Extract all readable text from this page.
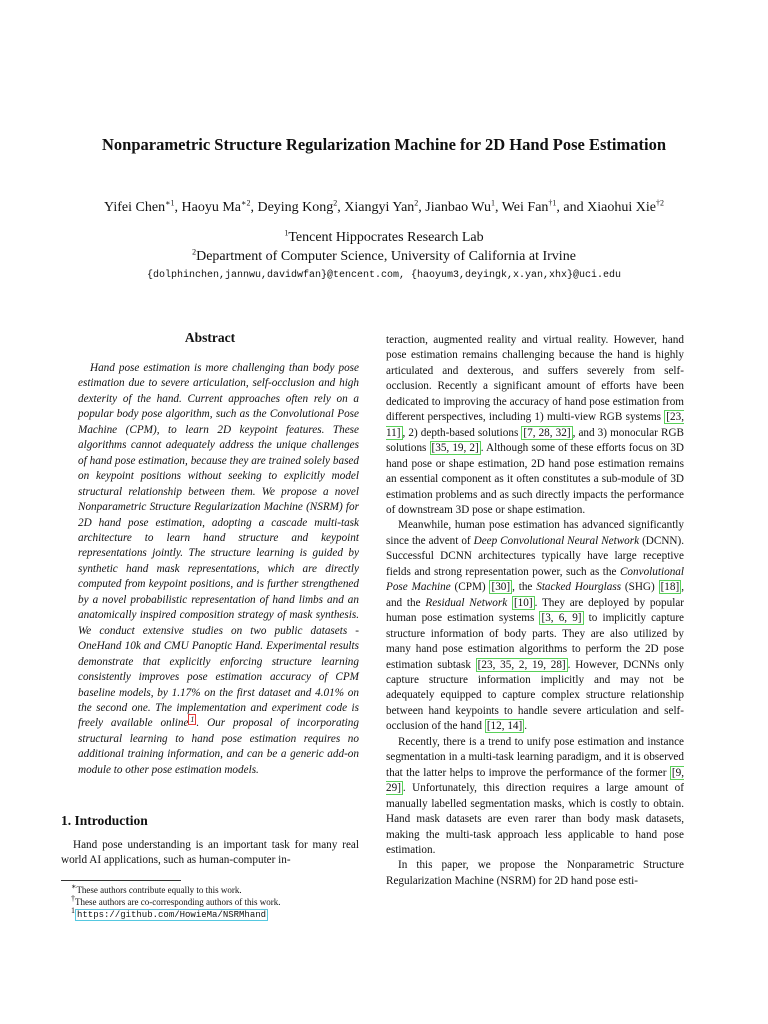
Nonparametric Structure Regularization Machine for 2D Hand Pose Estimation
Yifei Chen$^{∗1}$, Haoyu $Ma^{∗2}$, Deying Kong$^2$, Xiangyi Yan$^2$, Jianbao Wu$^1$, Wei Fan$^{\dagger 1}$, and Xiaohui Xie$^{\dagger 2}$
$^1$Tencent Hippocrates Research Lab
$^2$Department of Computer Science, University of California at Irvine
{dolphinchen,jannwu,davidwfan}@tencent.com, {haoyum3,deyingk,x.yan,xhx}@uci.edu
Abstract

Hand pose estimation is more challenging than body pose estimation due to severe articulation, self-occlusion and high dexterity of the hand. Current approaches often rely on a popular body pose algorithm, such as the Convolutional Pose Machine (CPM), to learn 2D keypoint features. These algorithms cannot adequately address the unique challenges of hand pose estimation, because they are trained solely based on keypoint positions without seeking to explicitly model structural relationship between them. We propose a novel Nonparametric Structure Regularization Machine (NSRM) for 2D hand pose estimation, adopting a cascade multi-task architecture to learn hand structure and keypoint representations jointly. The structure learning is guided by synthetic hand mask representations, which are directly computed from keypoint positions, and is further strengthened by a novel probabilistic representation of hand limbs and an anatomically inspired composition strategy of mask synthesis. We conduct extensive studies on two public datasets - OneHand 10k and CMU Panoptic Hand. Experimental results demonstrate that explicitly enforcing structure learning consistently improves pose estimation accuracy of CPM baseline models, by 1.17% on the first dataset and 4.01% on the second one. The implementation and experiment code is freely available online $^1$ . Our proposal of incorporating structural learning to hand pose estimation requires no additional training information, and can be a generic add-on module to other pose estimation models.

1. Introduction

Hand pose understanding is an important task for many real world AI applications, such as human-computer in-

∗These authors contribute equally to this work.
†These authors are co-corresponding authors of this work.
$^1$ https://github.com/HowieMa/NSRMhand

teraction, augmented reality and virtual reality. However, hand pose estimation remains challenging because the hand is highly articulated and dexterous, and suffers severely from self-occlusion. Recently a significant amount of efforts have been dedicated to improving the accuracy of hand pose estimation from different perspectives, including 1) multi-view RGB systems [23, 11] , 2) depth-based solutions [7, 28, 32] , and 3) monocular RGB solutions [35, 19, 2] . Although some of these efforts focus on 3D hand pose or shape estimation, 2D hand pose estimation remains an essential component as it often constitutes a sub-module of 3D estimation problems and as such directly impacts the performance of downstream 3D pose or shape estimation.

Meanwhile, human pose estimation has advanced significantly since the advent of Deep Convolutional Neural Network (DCNN). Successful DCNN architectures typically have large receptive fields and strong representation power, such as the Convolutional Pose Machine (CPM) [30] , the Stacked Hourglass (SHG) [18] , and the Residual Network [10] . They are deployed by popular human pose estimation systems [3, 6, 9] to implicitly capture structure information of body parts. They are also utilized by many hand pose estimation algorithms to perform the 2D pose estimation subtask [23, 35, 2, 19, 28] . However, DCNNs only capture structure information implicitly and may not be adequately equipped to capture complex structure relationship between hand keypoints to handle severe articulation and self-occlusion of the hand [12, 14] .

Recently, there is a trend to unify pose estimation and instance segmentation in a multi-task learning paradigm, and it is observed that the latter helps to improve the performance of the former [9, 29] . Unfortunately, this direction requires a large amount of manually labelled segmentation masks, which is costly to obtain. Hand mask datasets are even rarer than body mask datasets, making the multi-task approach less applicable to hand pose estimation.

In this paper, we propose the Nonparametric Structure Regularization Machine (NSRM) for 2D hand pose esti-
